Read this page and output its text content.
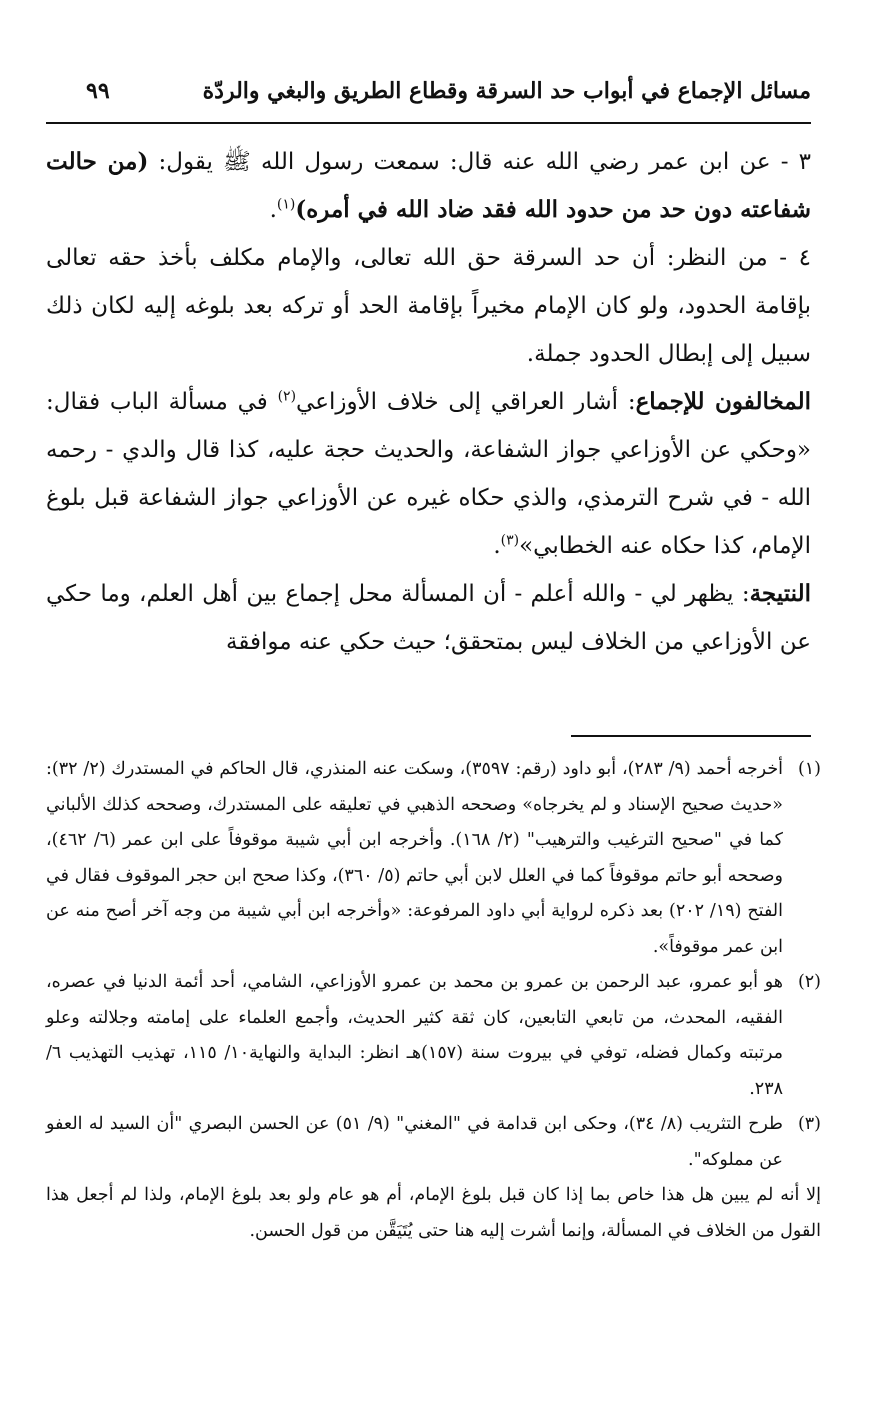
مسائل الإجماع في أبواب حد السرقة وقطاع الطريق والبغي والردّة
٩٩

٣ - عن ابن عمر رضي الله عنه قال: سمعت رسول الله ﷺ يقول: (من حالت شفاعته دون حد من حدود الله فقد ضاد الله في أمره)$^{(١)}$.

٤ - من النظر: أن حد السرقة حق الله تعالى، والإمام مكلف بأخذ حقه تعالى بإقامة الحدود، ولو كان الإمام مخيراً بإقامة الحد أو تركه بعد بلوغه إليه لكان ذلك سبيل إلى إبطال الحدود جملة.

المخالفون للإجماع: أشار العراقي إلى خلاف الأوزاعي$^{(٢)}$ في مسألة الباب فقال: «وحكي عن الأوزاعي جواز الشفاعة، والحديث حجة عليه، كذا قال والدي - رحمه الله - في شرح الترمذي، والذي حكاه غيره عن الأوزاعي جواز الشفاعة قبل بلوغ الإمام، كذا حكاه عنه الخطابي»$^{(٣)}$.

النتيجة: يظهر لي - والله أعلم - أن المسألة محل إجماع بين أهل العلم، وما حكي عن الأوزاعي من الخلاف ليس بمتحقق؛ حيث حكي عنه موافقة

(١)
أخرجه أحمد (٩/ ٢٨٣)، أبو داود (رقم: ٣٥٩٧)، وسكت عنه المنذري، قال الحاكم في المستدرك (٢/ ٣٢): «حديث صحيح الإسناد و لم يخرجاه» وصححه الذهبي في تعليقه على المستدرك، وصححه كذلك الألباني كما في "صحيح الترغيب والترهيب" (٢/ ١٦٨). وأخرجه ابن أبي شيبة موقوفاً على ابن عمر (٦/ ٤٦٢)، وصححه أبو حاتم موقوفاً كما في العلل لابن أبي حاتم (٥/ ٣٦٠)، وكذا صحح ابن حجر الموقوف فقال في الفتح (١٩/ ٢٠٢) بعد ذكره لرواية أبي داود المرفوعة: «وأخرجه ابن أبي شيبة من وجه آخر أصح منه عن ابن عمر موقوفاً».
(٢)
هو أبو عمرو، عبد الرحمن بن عمرو بن محمد بن عمرو الأوزاعي، الشامي، أحد أئمة الدنيا في عصره، الفقيه، المحدث، من تابعي التابعين، كان ثقة كثير الحديث، وأجمع العلماء على إمامته وجلالته وعلو مرتبته وكمال فضله، توفي في بيروت سنة (١٥٧)هـ انظر: البداية والنهاية١٠/ ١١٥، تهذيب التهذيب ٦/ ٢٣٨.
(٣)
طرح التثريب (٨/ ٣٤)، وحكى ابن قدامة في "المغني" (٩/ ٥١) عن الحسن البصري "أن السيد له العفو عن مملوكه".

إلا أنه لم يبين هل هذا خاص بما إذا كان قبل بلوغ الإمام، أم هو عام ولو بعد بلوغ الإمام، ولذا لم أجعل هذا القول من الخلاف في المسألة، وإنما أشرت إليه هنا حتى يُتَيَقَّن من قول الحسن.
